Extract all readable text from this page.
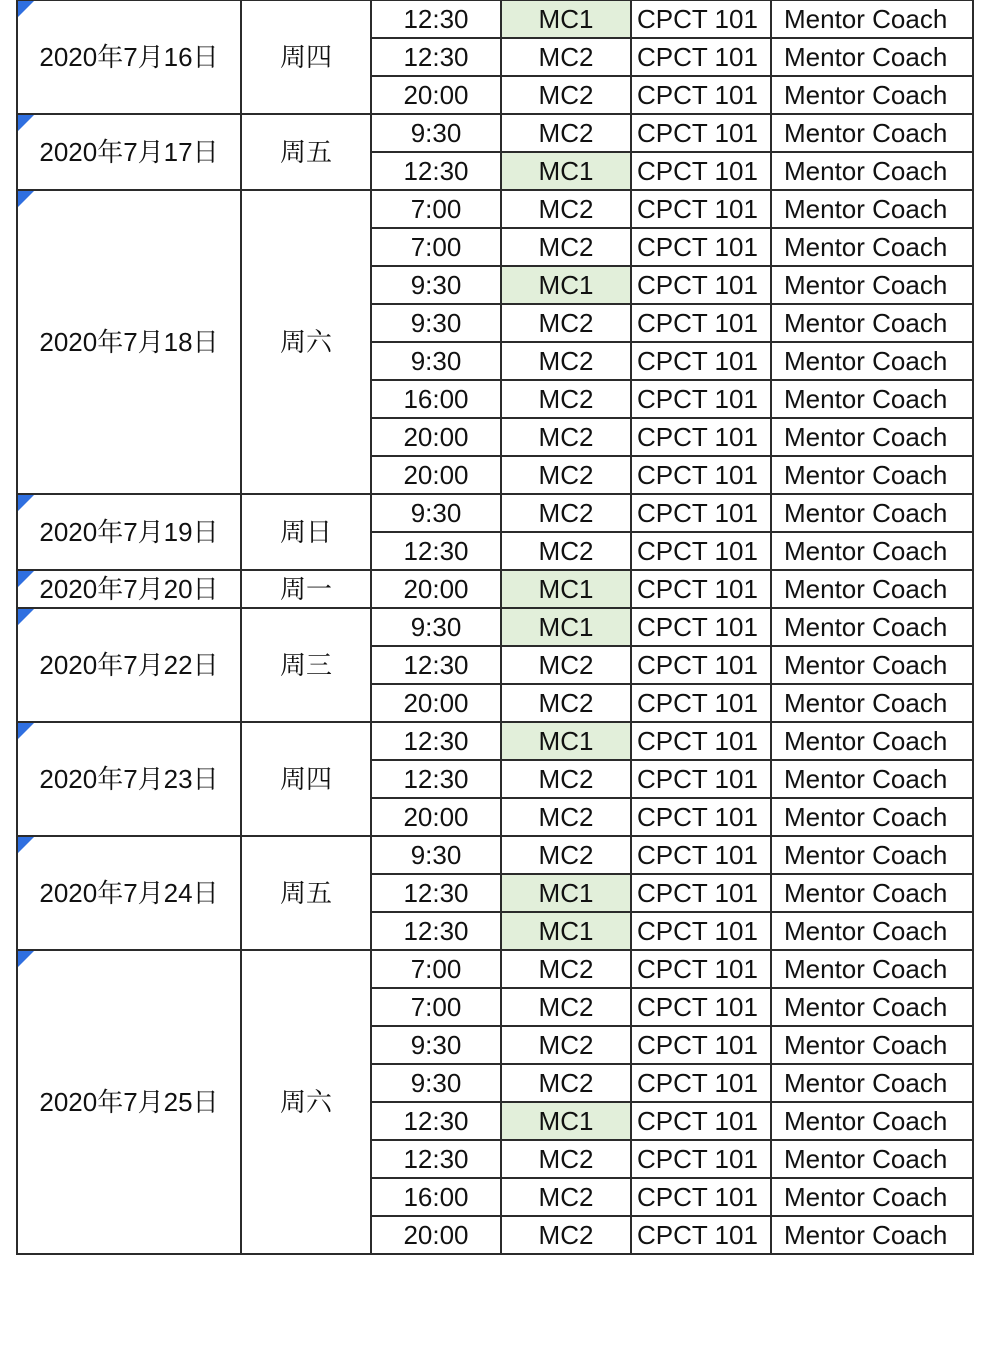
2020年7月16日	周四	12:30	MC1	CPCT 101	Mentor Coach
		12:30	MC2	CPCT 101	Mentor Coach
		20:00	MC2	CPCT 101	Mentor Coach

2020年7月17日	周五	9:30	MC2	CPCT 101	Mentor Coach
		12:30	MC1	CPCT 101	Mentor Coach

2020年7月18日	周六	7:00	MC2	CPCT 101	Mentor Coach
		7:00	MC2	CPCT 101	Mentor Coach
		9:30	MC1	CPCT 101	Mentor Coach
		9:30	MC2	CPCT 101	Mentor Coach
		9:30	MC2	CPCT 101	Mentor Coach
		16:00	MC2	CPCT 101	Mentor Coach
		20:00	MC2	CPCT 101	Mentor Coach
		20:00	MC2	CPCT 101	Mentor Coach

2020年7月19日	周日	9:30	MC2	CPCT 101	Mentor Coach
		12:30	MC2	CPCT 101	Mentor Coach

2020年7月20日	周一	20:00	MC1	CPCT 101	Mentor Coach

2020年7月22日	周三	9:30	MC1	CPCT 101	Mentor Coach
		12:30	MC2	CPCT 101	Mentor Coach
		20:00	MC2	CPCT 101	Mentor Coach

2020年7月23日	周四	12:30	MC1	CPCT 101	Mentor Coach
		12:30	MC2	CPCT 101	Mentor Coach
		20:00	MC2	CPCT 101	Mentor Coach

2020年7月24日	周五	9:30	MC2	CPCT 101	Mentor Coach
		12:30	MC1	CPCT 101	Mentor Coach
		12:30	MC1	CPCT 101	Mentor Coach

2020年7月25日	周六	7:00	MC2	CPCT 101	Mentor Coach
		7:00	MC2	CPCT 101	Mentor Coach
		9:30	MC2	CPCT 101	Mentor Coach
		9:30	MC2	CPCT 101	Mentor Coach
		12:30	MC1	CPCT 101	Mentor Coach
		12:30	MC2	CPCT 101	Mentor Coach
		16:00	MC2	CPCT 101	Mentor Coach
		20:00	MC2	CPCT 101	Mentor Coach
